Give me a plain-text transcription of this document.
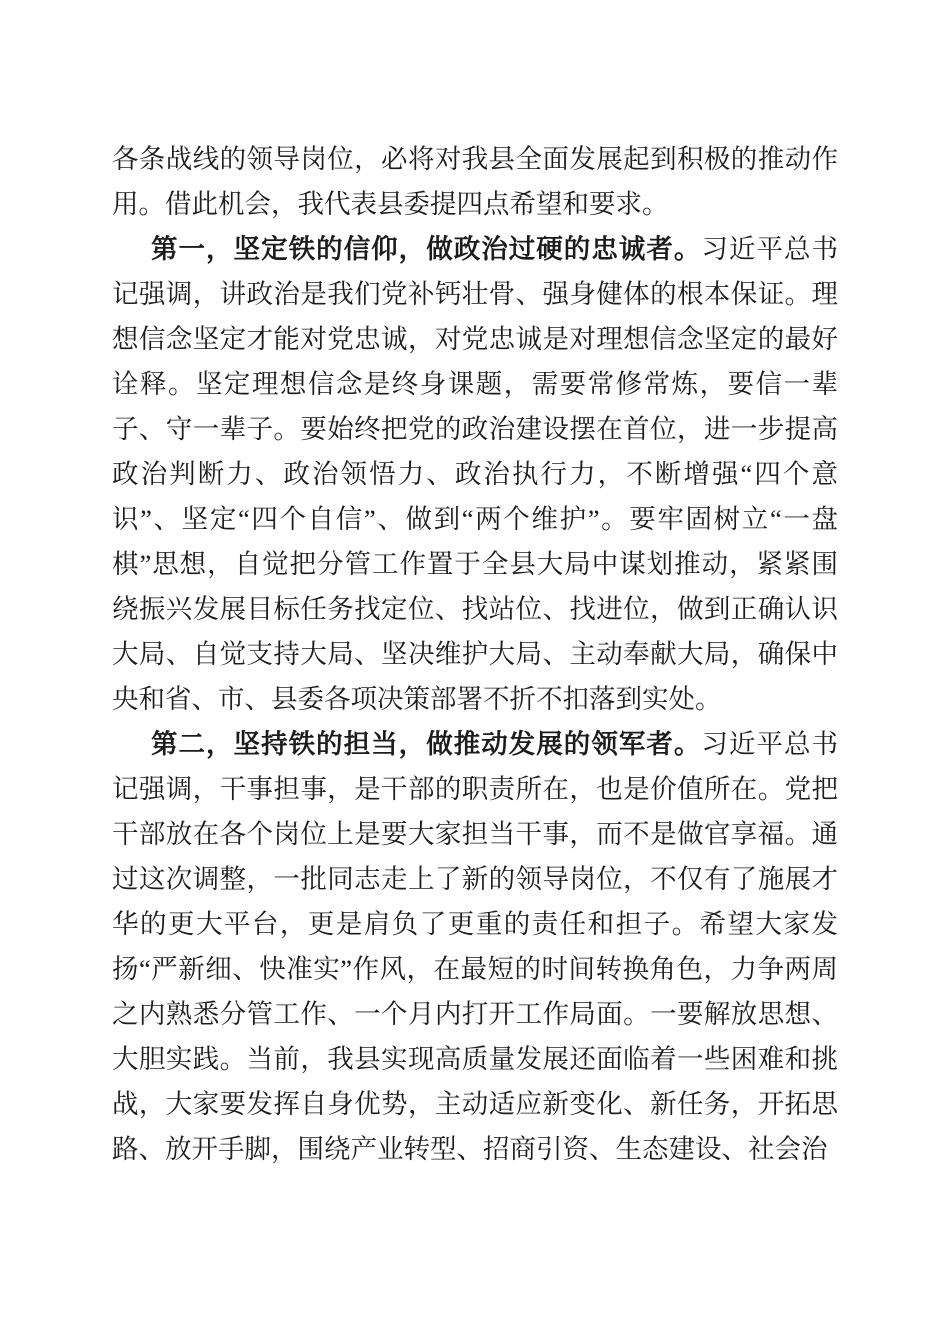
各条战线的领导岗位，必将对我县全面发展起到积极的推动作用。借此机会，我代表县委提四点希望和要求。

第一，坚定铁的信仰，做政治过硬的忠诚者。习近平总书记强调，讲政治是我们党补钙壮骨、强身健体的根本保证。理想信念坚定才能对党忠诚，对党忠诚是对理想信念坚定的最好诠释。坚定理想信念是终身课题，需要常修常炼，要信一辈子、守一辈子。要始终把党的政治建设摆在首位，进一步提高政治判断力、政治领悟力、政治执行力，不断增强“四个意识”、坚定“四个自信”、做到“两个维护”。要牢固树立“一盘棋”思想，自觉把分管工作置于全县大局中谋划推动，紧紧围绕振兴发展目标任务找定位、找站位、找进位，做到正确认识大局、自觉支持大局、坚决维护大局、主动奉献大局，确保中央和省、市、县委各项决策部署不折不扣落到实处。

第二，坚持铁的担当，做推动发展的领军者。习近平总书记强调，干事担事，是干部的职责所在，也是价值所在。党把干部放在各个岗位上是要大家担当干事，而不是做官享福。通过这次调整，一批同志走上了新的领导岗位，不仅有了施展才华的更大平台，更是肩负了更重的责任和担子。希望大家发扬“严新细、快准实”作风，在最短的时间转换角色，力争两周之内熟悉分管工作、一个月内打开工作局面。一要解放思想、大胆实践。当前，我县实现高质量发展还面临着一些困难和挑战，大家要发挥自身优势，主动适应新变化、新任务，开拓思路、放开手脚，围绕产业转型、招商引资、生态建设、社会治
